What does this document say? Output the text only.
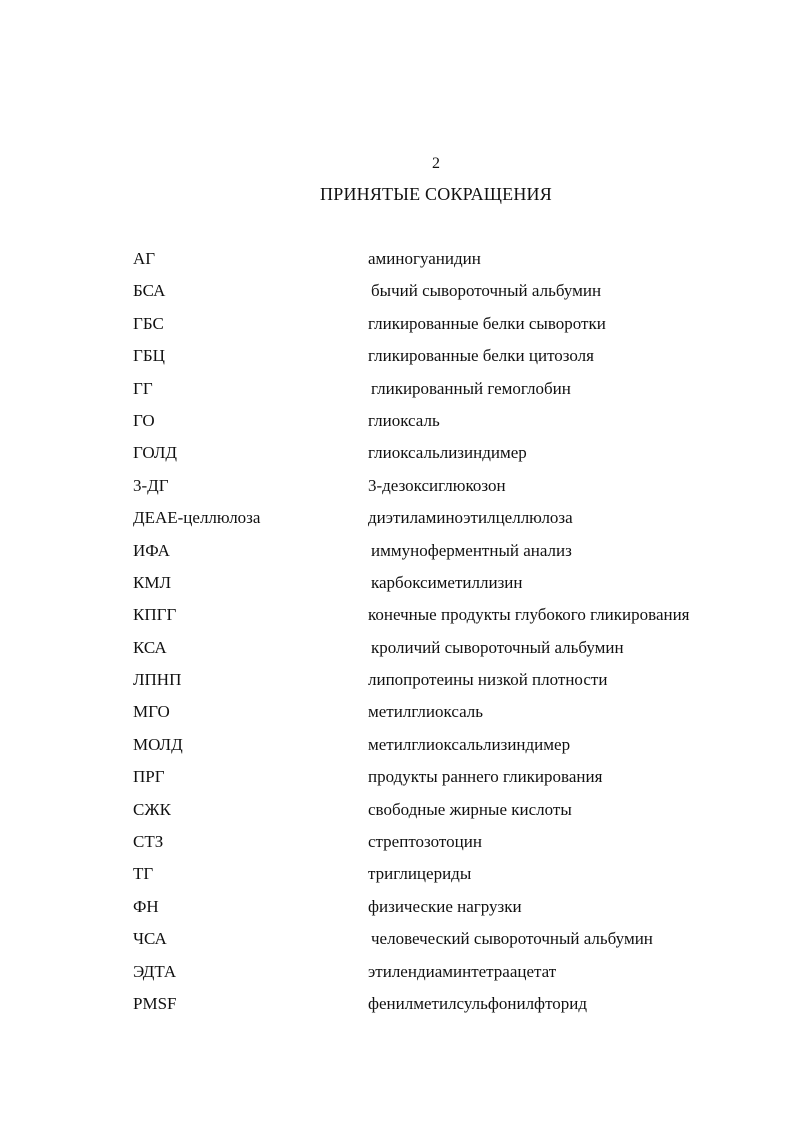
2
ПРИНЯТЫЕ СОКРАЩЕНИЯ
АГ	аминогуанидин
БСА	бычий сывороточный альбумин
ГБС	гликированные белки сыворотки
ГБЦ	гликированные белки цитозоля
ГГ	гликированный гемоглобин
ГО	глиоксаль
ГОЛД	глиоксальлизиндимер
3-ДГ	3-дезоксиглюкозон
ДЕАЕ-целлюлоза	диэтиламиноэтилцеллюлоза
ИФА	иммуноферментный анализ
КМЛ	карбоксиметиллизин
КПГГ	конечные продукты глубокого гликирования
КСА	кроличий сывороточный альбумин
ЛПНП	липопротеины низкой плотности
МГО	метилглиоксаль
МОЛД	метилглиоксальлизиндимер
ПРГ	продукты раннего гликирования
СЖК	свободные жирные кислоты
СТЗ	стрептозотоцин
ТГ	триглицериды
ФН	физические нагрузки
ЧСА	человеческий сывороточный альбумин
ЭДТА	этилендиаминтетраацетат
PMSF	фенилметилсульфонилфторид
